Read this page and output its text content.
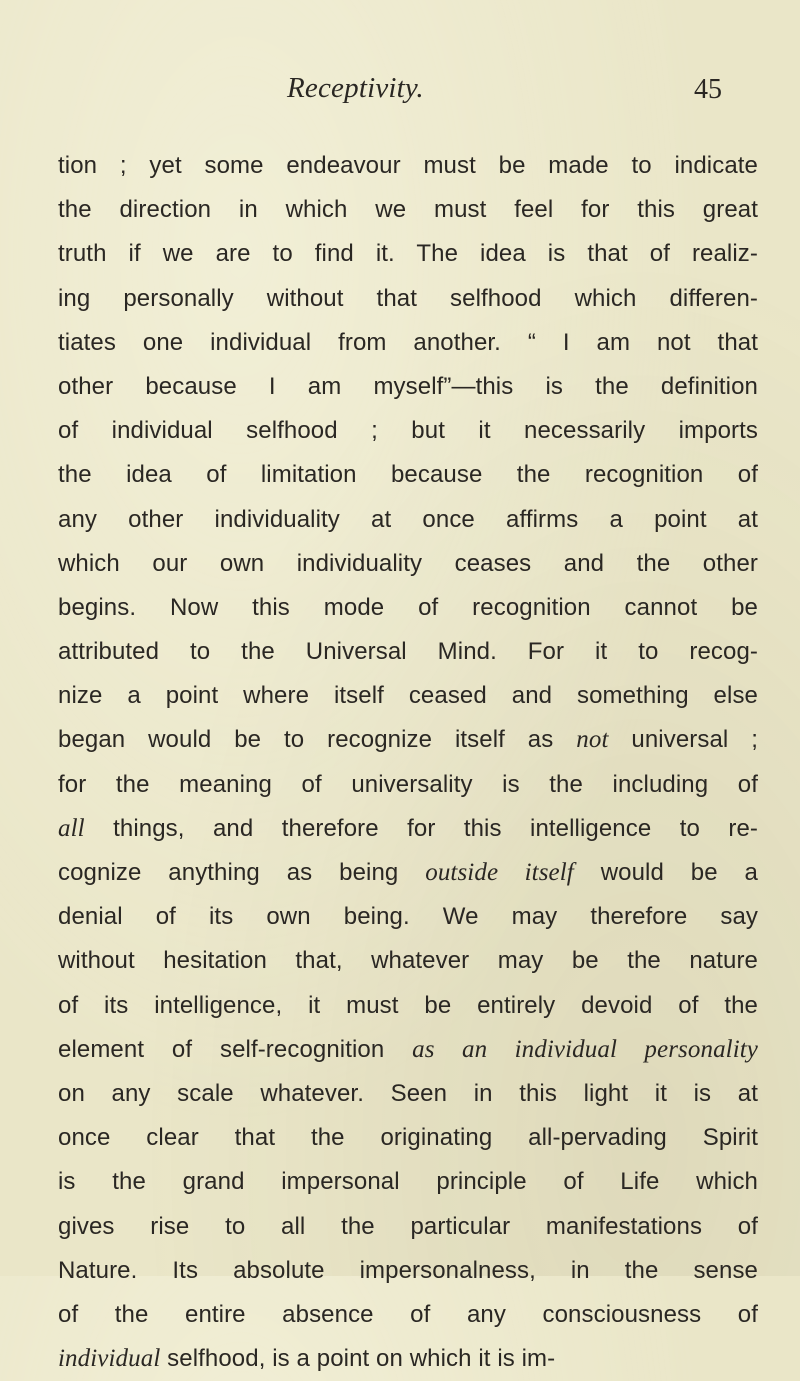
Receptivity.	45
tion ; yet some endeavour must be made to indicate
the direction in which we must feel for this great
truth if we are to find it. The idea is that of realiz-
ing personally without that selfhood which differen-
tiates one individual from another. “ I am not that
other because I am myself”—this is the definition
of individual selfhood ; but it necessarily imports
the idea of limitation because the recognition of
any other individuality at once affirms a point at
which our own individuality ceases and the other
begins. Now this mode of recognition cannot be
attributed to the Universal Mind. For it to recog-
nize a point where itself ceased and something else
began would be to recognize itself as not universal ;
for the meaning of universality is the including of
all things, and therefore for this intelligence to re-
cognize anything as being outside itself would be a
denial of its own being. We may therefore say
without hesitation that, whatever may be the nature
of its intelligence, it must be entirely devoid of the
element of self-recognition as an individual personality
on any scale whatever. Seen in this light it is at
once clear that the originating all-pervading Spirit
is the grand impersonal principle of Life which
gives rise to all the particular manifestations of
Nature. Its absolute impersonalness, in the sense
of the entire absence of any consciousness of
individual selfhood, is a point on which it is im-
